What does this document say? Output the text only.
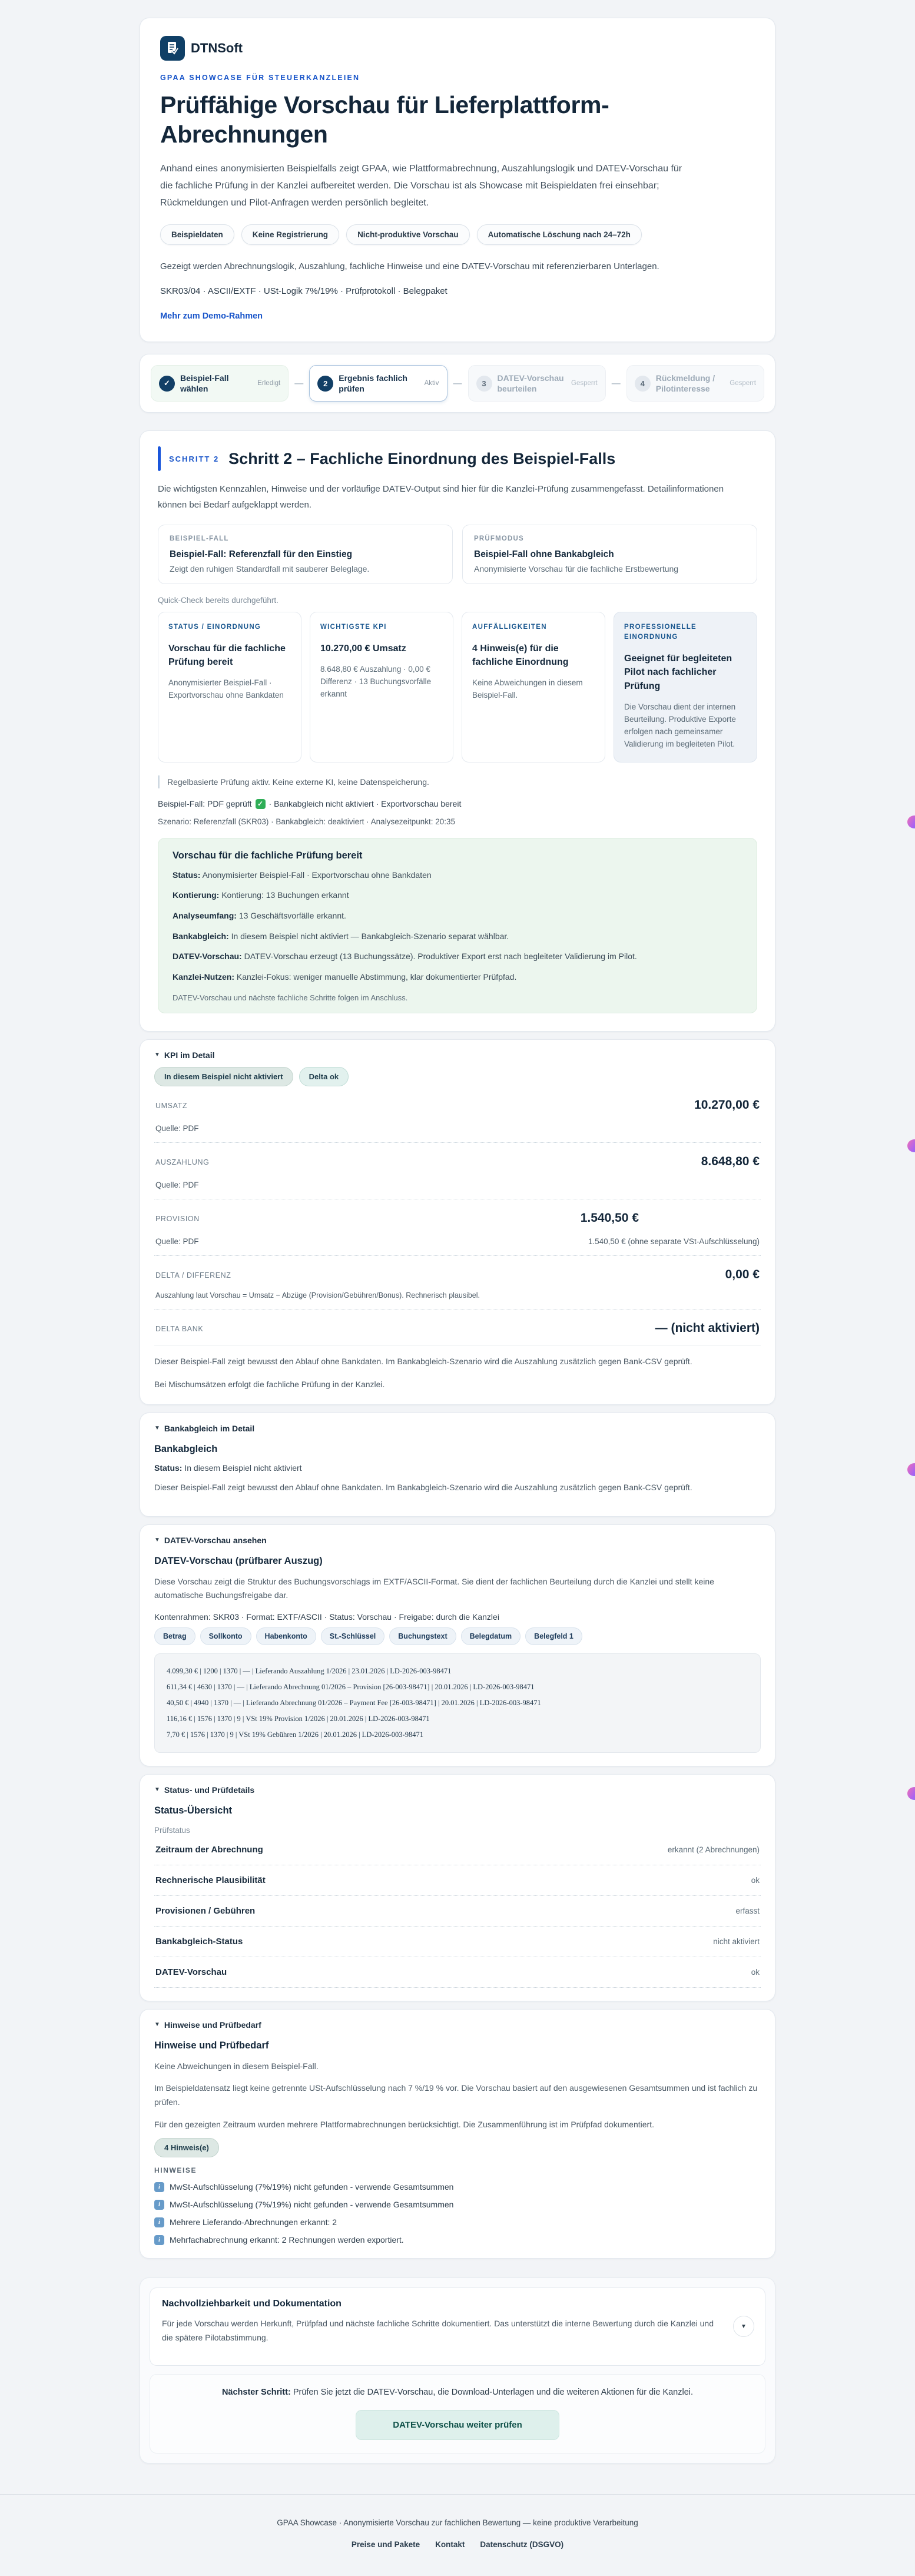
DTNSoft
GPAA SHOWCASE FÜR STEUERKANZLEIEN
Prüffähige Vorschau für Lieferplattform-Abrechnungen

Anhand eines anonymisierten Beispielfalls zeigt GPAA, wie Plattformabrechnung, Auszahlungslogik und DATEV-Vorschau für die fachliche Prüfung in der Kanzlei aufbereitet werden. Die Vorschau ist als Showcase mit Beispieldaten frei einsehbar; Rückmeldungen und Pilot-Anfragen werden persönlich begleitet.

Beispieldaten	Keine Registrierung	Nicht-produktive Vorschau	Automatische Löschung nach 24–72h

Gezeigt werden Abrechnungslogik, Auszahlung, fachliche Hinweise und eine DATEV-Vorschau mit referenzierbaren Unterlagen.

SKR03/04 · ASCII/EXTF · USt-Logik 7%/19% · Prüfprotokoll · Belegpaket
Mehr zum Demo-Rahmen
✓
Beispiel-Fall wählen
Erledigt —	2
Ergebnis fachlich prüfen
Aktiv —	3
DATEV-Vorschau beurteilen
Gesperrt —	4
Rückmeldung / Pilotinteresse
Gesperrt
SCHRITT 2 Schritt 2 – Fachliche Einordnung des Beispiel-Falls

Die wichtigsten Kennzahlen, Hinweise und der vorläufige DATEV-Output sind hier für die Kanzlei-Prüfung zusammengefasst. Detailinformationen können bei Bedarf aufgeklappt werden.

BEISPIEL-FALL
Beispiel-Fall: Referenzfall für den Einstieg
Zeigt den ruhigen Standardfall mit sauberer Beleglage.
PRÜFMODUS
Beispiel-Fall ohne Bankabgleich
Anonymisierte Vorschau für die fachliche Erstbewertung
Quick-Check bereits durchgeführt.
STATUS / EINORDNUNG
Vorschau für die fachliche Prüfung bereit
Anonymisierter Beispiel-Fall · Exportvorschau ohne Bankdaten
WICHTIGSTE KPI
10.270,00 € Umsatz
8.648,80 € Auszahlung · 0,00 € Differenz · 13 Buchungsvorfälle erkannt
AUFFÄLLIGKEITEN
4 Hinweis(e) für die fachliche Einordnung
Keine Abweichungen in diesem Beispiel-Fall.
PROFESSIONELLE EINORDNUNG
Geeignet für begleiteten Pilot nach fachlicher Prüfung
Die Vorschau dient der internen Beurteilung. Produktive Exporte erfolgen nach gemeinsamer Validierung im begleiteten Pilot.
Regelbasierte Prüfung aktiv. Keine externe KI, keine Datenspeicherung.
Beispiel-Fall: PDF geprüft ✓ · Bankabgleich nicht aktiviert · Exportvorschau bereit
Szenario: Referenzfall (SKR03) · Bankabgleich: deaktiviert · Analysezeitpunkt: 20:35
Vorschau für die fachliche Prüfung bereit
Status: Anonymisierter Beispiel-Fall · Exportvorschau ohne Bankdaten
Kontierung: Kontierung: 13 Buchungen erkannt
Analyseumfang: 13 Geschäftsvorfälle erkannt.
Bankabgleich: In diesem Beispiel nicht aktiviert — Bankabgleich-Szenario separat wählbar.
DATEV-Vorschau: DATEV-Vorschau erzeugt (13 Buchungssätze). Produktiver Export erst nach begleiteter Validierung im Pilot.
Kanzlei-Nutzen: Kanzlei-Fokus: weniger manuelle Abstimmung, klar dokumentierter Prüfpfad.
DATEV-Vorschau und nächste fachliche Schritte folgen im Anschluss.
▼ KPI im Detail
In diesem Beispiel nicht aktiviert	Delta ok
UMSATZ	10.270,00 €
Quelle: PDF
AUSZAHLUNG	8.648,80 €
Quelle: PDF
PROVISION	1.540,50 €
Quelle: PDF	1.540,50 € (ohne separate VSt-Aufschlüsselung)
DELTA / DIFFERENZ	0,00 €
Auszahlung laut Vorschau = Umsatz − Abzüge (Provision/Gebühren/Bonus). Rechnerisch plausibel.
DELTA BANK	— (nicht aktiviert)
Dieser Beispiel-Fall zeigt bewusst den Ablauf ohne Bankdaten. Im Bankabgleich-Szenario wird die Auszahlung zusätzlich gegen Bank-CSV geprüft.
Bei Mischumsätzen erfolgt die fachliche Prüfung in der Kanzlei.
▼ Bankabgleich im Detail
Bankabgleich
Status: In diesem Beispiel nicht aktiviert

Dieser Beispiel-Fall zeigt bewusst den Ablauf ohne Bankdaten. Im Bankabgleich-Szenario wird die Auszahlung zusätzlich gegen Bank-CSV geprüft.

▼ DATEV-Vorschau ansehen
DATEV-Vorschau (prüfbarer Auszug)

Diese Vorschau zeigt die Struktur des Buchungsvorschlags im EXTF/ASCII-Format. Sie dient der fachlichen Beurteilung durch die Kanzlei und stellt keine automatische Buchungsfreigabe dar.

Kontenrahmen: SKR03 · Format: EXTF/ASCII · Status: Vorschau · Freigabe: durch die Kanzlei
Betrag	Sollkonto	Habenkonto	St.-Schlüssel	Buchungstext	Belegdatum	Belegfeld 1
4.099,30 € | 1200 | 1370 | — | Lieferando Auszahlung 1/2026 | 23.01.2026 | LD-2026-003-98471
611,34 € | 4630 | 1370 | — | Lieferando Abrechnung 01/2026 – Provision [26-003-98471] | 20.01.2026 | LD-2026-003-98471
40,50 € | 4940 | 1370 | — | Lieferando Abrechnung 01/2026 – Payment Fee [26-003-98471] | 20.01.2026 | LD-2026-003-98471
116,16 € | 1576 | 1370 | 9 | VSt 19% Provision 1/2026 | 20.01.2026 | LD-2026-003-98471
7,70 € | 1576 | 1370 | 9 | VSt 19% Gebühren 1/2026 | 20.01.2026 | LD-2026-003-98471
▼ Status- und Prüfdetails
Status-Übersicht
Prüfstatus
Zeitraum der Abrechnung	erkannt (2 Abrechnungen)
Rechnerische Plausibilität	ok
Provisionen / Gebühren	erfasst
Bankabgleich-Status	nicht aktiviert
DATEV-Vorschau	ok
▼ Hinweise und Prüfbedarf
Hinweise und Prüfbedarf

Keine Abweichungen in diesem Beispiel-Fall.

Im Beispieldatensatz liegt keine getrennte USt-Aufschlüsselung nach 7 %/19 % vor. Die Vorschau basiert auf den ausgewiesenen Gesamtsummen und ist fachlich zu prüfen.

Für den gezeigten Zeitraum wurden mehrere Plattformabrechnungen berücksichtigt. Die Zusammenführung ist im Prüfpfad dokumentiert.

4 Hinweis(e)
HINWEISE
i	MwSt-Aufschlüsselung (7%/19%) nicht gefunden - verwende Gesamtsummen
i	MwSt-Aufschlüsselung (7%/19%) nicht gefunden - verwende Gesamtsummen
i	Mehrere Lieferando-Abrechnungen erkannt: 2
i	Mehrfachabrechnung erkannt: 2 Rechnungen werden exportiert.
Nachvollziehbarkeit und Dokumentation

Für jede Vorschau werden Herkunft, Prüfpfad und nächste fachliche Schritte dokumentiert. Das unterstützt die interne Bewertung durch die Kanzlei und die spätere Pilotabstimmung.

▼
Nächster Schritt: Prüfen Sie jetzt die DATEV-Vorschau, die Download-Unterlagen und die weiteren Aktionen für die Kanzlei.
DATEV-Vorschau weiter prüfen
GPAA Showcase · Anonymisierte Vorschau zur fachlichen Bewertung — keine produktive Verarbeitung
Preise und Pakete Kontakt Datenschutz (DSGVO)
